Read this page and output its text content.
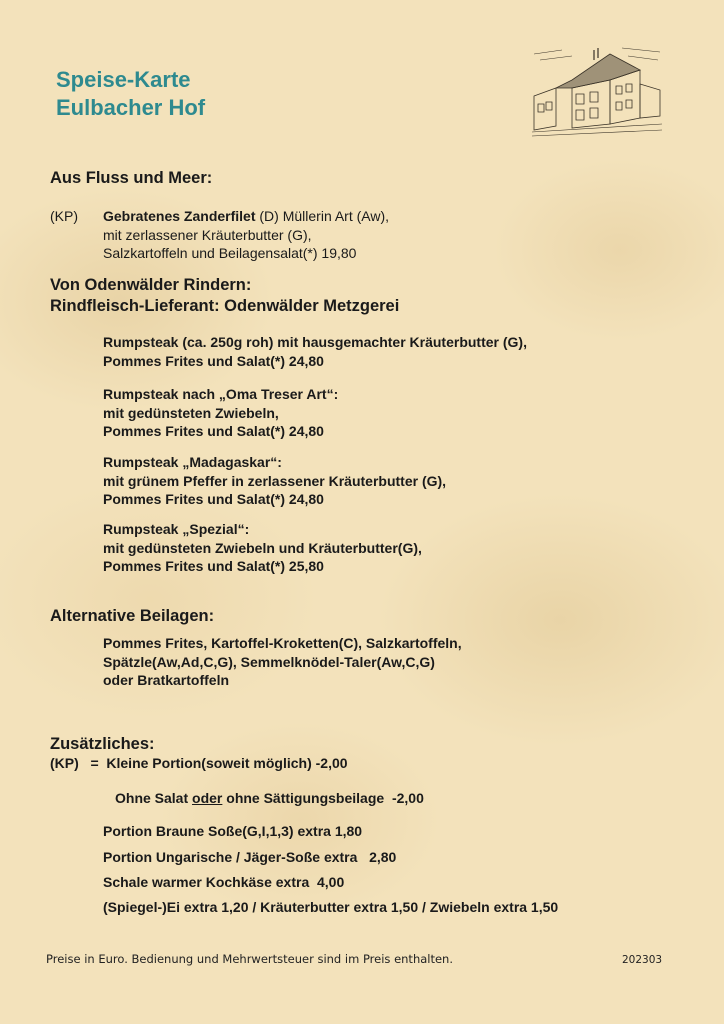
Speise-Karte
Eulbacher Hof
Aus Fluss und Meer:
(KP) Gebratenes Zanderfilet (D) Müllerin Art (Aw),
mit zerlassener Kräuterbutter (G),
Salzkartoffeln und Beilagensalat(*) 19,80
Von Odenwälder Rindern:
Rindfleisch-Lieferant: Odenwälder Metzgerei
Rumpsteak (ca. 250g roh) mit hausgemachter Kräuterbutter (G),
Pommes Frites und Salat(*) 24,80
Rumpsteak nach „Oma Treser Art“:
mit gedünsteten Zwiebeln,
Pommes Frites und Salat(*) 24,80
Rumpsteak „Madagaskar“:
mit grünem Pfeffer in zerlassener Kräuterbutter (G),
Pommes Frites und Salat(*) 24,80
Rumpsteak „Spezial“:
mit gedünsteten Zwiebeln und Kräuterbutter(G),
Pommes Frites und Salat(*) 25,80
Alternative Beilagen:
Pommes Frites, Kartoffel-Kroketten(C), Salzkartoffeln,
Spätzle(Aw,Ad,C,G), Semmelknödel-Taler(Aw,C,G)
oder Bratkartoffeln
Zusätzliches:
(KP)   =  Kleine Portion(soweit möglich) -2,00
Ohne Salat oder ohne Sättigungsbeilage  -2,00
Portion Braune Soße(G,I,1,3) extra 1,80
Portion Ungarische / Jäger-Soße extra   2,80
Schale warmer Kochkäse extra  4,00
(Spiegel-)Ei extra 1,20 / Kräuterbutter extra 1,50 / Zwiebeln extra 1,50
Preise in Euro. Bedienung und Mehrwertsteuer sind im Preis enthalten.	202303
